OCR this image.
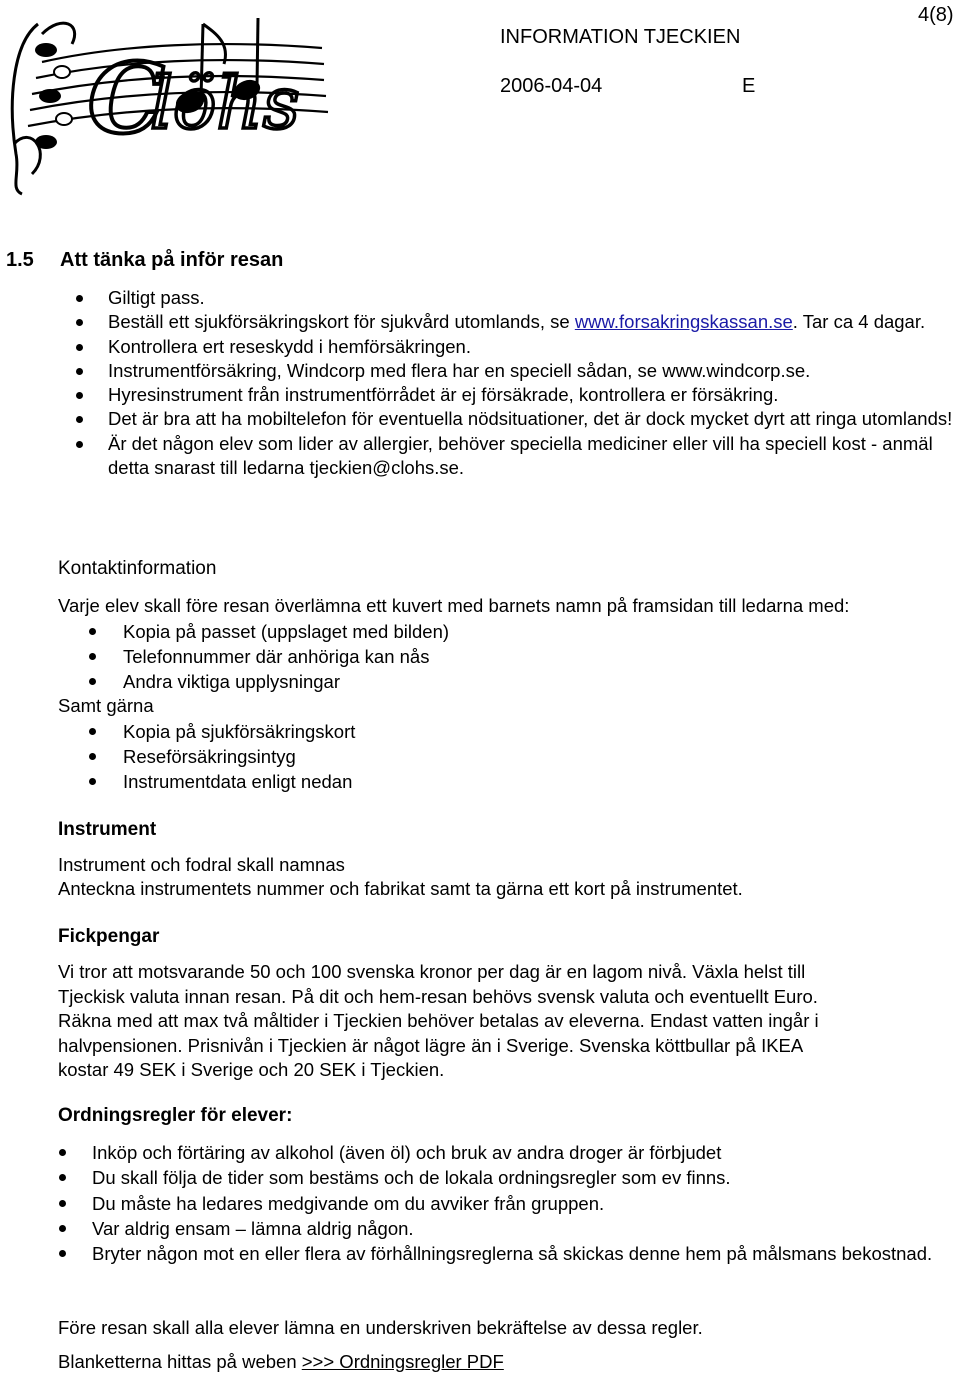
C
löhs
4(8)
INFORMATION TJECKIEN
2006-04-04	E
1.5 Att tänka på inför resan
Giltigt pass.
Beställ ett sjukförsäkringskort för sjukvård utomlands, se www.forsakringskassan.se. Tar ca 4 dagar.
Kontrollera ert reseskydd i hemförsäkringen.
Instrumentförsäkring, Windcorp med flera har en speciell sådan, se www.windcorp.se.
Hyresinstrument från instrumentförrådet är ej försäkrade, kontrollera er försäkring.
Det är bra att ha mobiltelefon för eventuella nödsituationer, det är dock mycket dyrt att ringa utomlands!
Är det någon elev som lider av allergier, behöver speciella mediciner eller vill ha speciell kost - anmäl detta snarast till ledarna tjeckien@clohs.se.
Kontaktinformation
Varje elev skall före resan överlämna ett kuvert med barnets namn på framsidan till ledarna med:
Kopia på passet (uppslaget med bilden)
Telefonnummer där anhöriga kan nås
Andra viktiga upplysningar
Samt gärna
Kopia på sjukförsäkringskort
Reseförsäkringsintyg
Instrumentdata enligt nedan
Instrument
Instrument och fodral skall namnas
Anteckna instrumentets nummer och fabrikat samt ta gärna ett kort på instrumentet.
Fickpengar
Vi tror att motsvarande 50 och 100 svenska kronor per dag är en lagom nivå. Växla helst till
Tjeckisk valuta innan resan. På dit och hem-resan behövs svensk valuta och eventuellt Euro.
Räkna med att max två måltider i Tjeckien behöver betalas av eleverna. Endast vatten ingår i
halvpensionen. Prisnivån i Tjeckien är något lägre än i Sverige. Svenska köttbullar på IKEA
kostar 49 SEK i Sverige och 20 SEK i Tjeckien.
Ordningsregler för elever:
Inköp och förtäring av alkohol (även öl) och bruk av andra droger är förbjudet
Du skall följa de tider som bestäms och de lokala ordningsregler som ev finns.
Du måste ha ledares medgivande om du avviker från gruppen.
Var aldrig ensam – lämna aldrig någon.
Bryter någon mot en eller flera av förhållningsreglerna så skickas denne hem på målsmans bekostnad.
Före resan skall alla elever lämna en underskriven bekräftelse av dessa regler.
Blanketterna hittas på weben >>> Ordningsregler PDF
